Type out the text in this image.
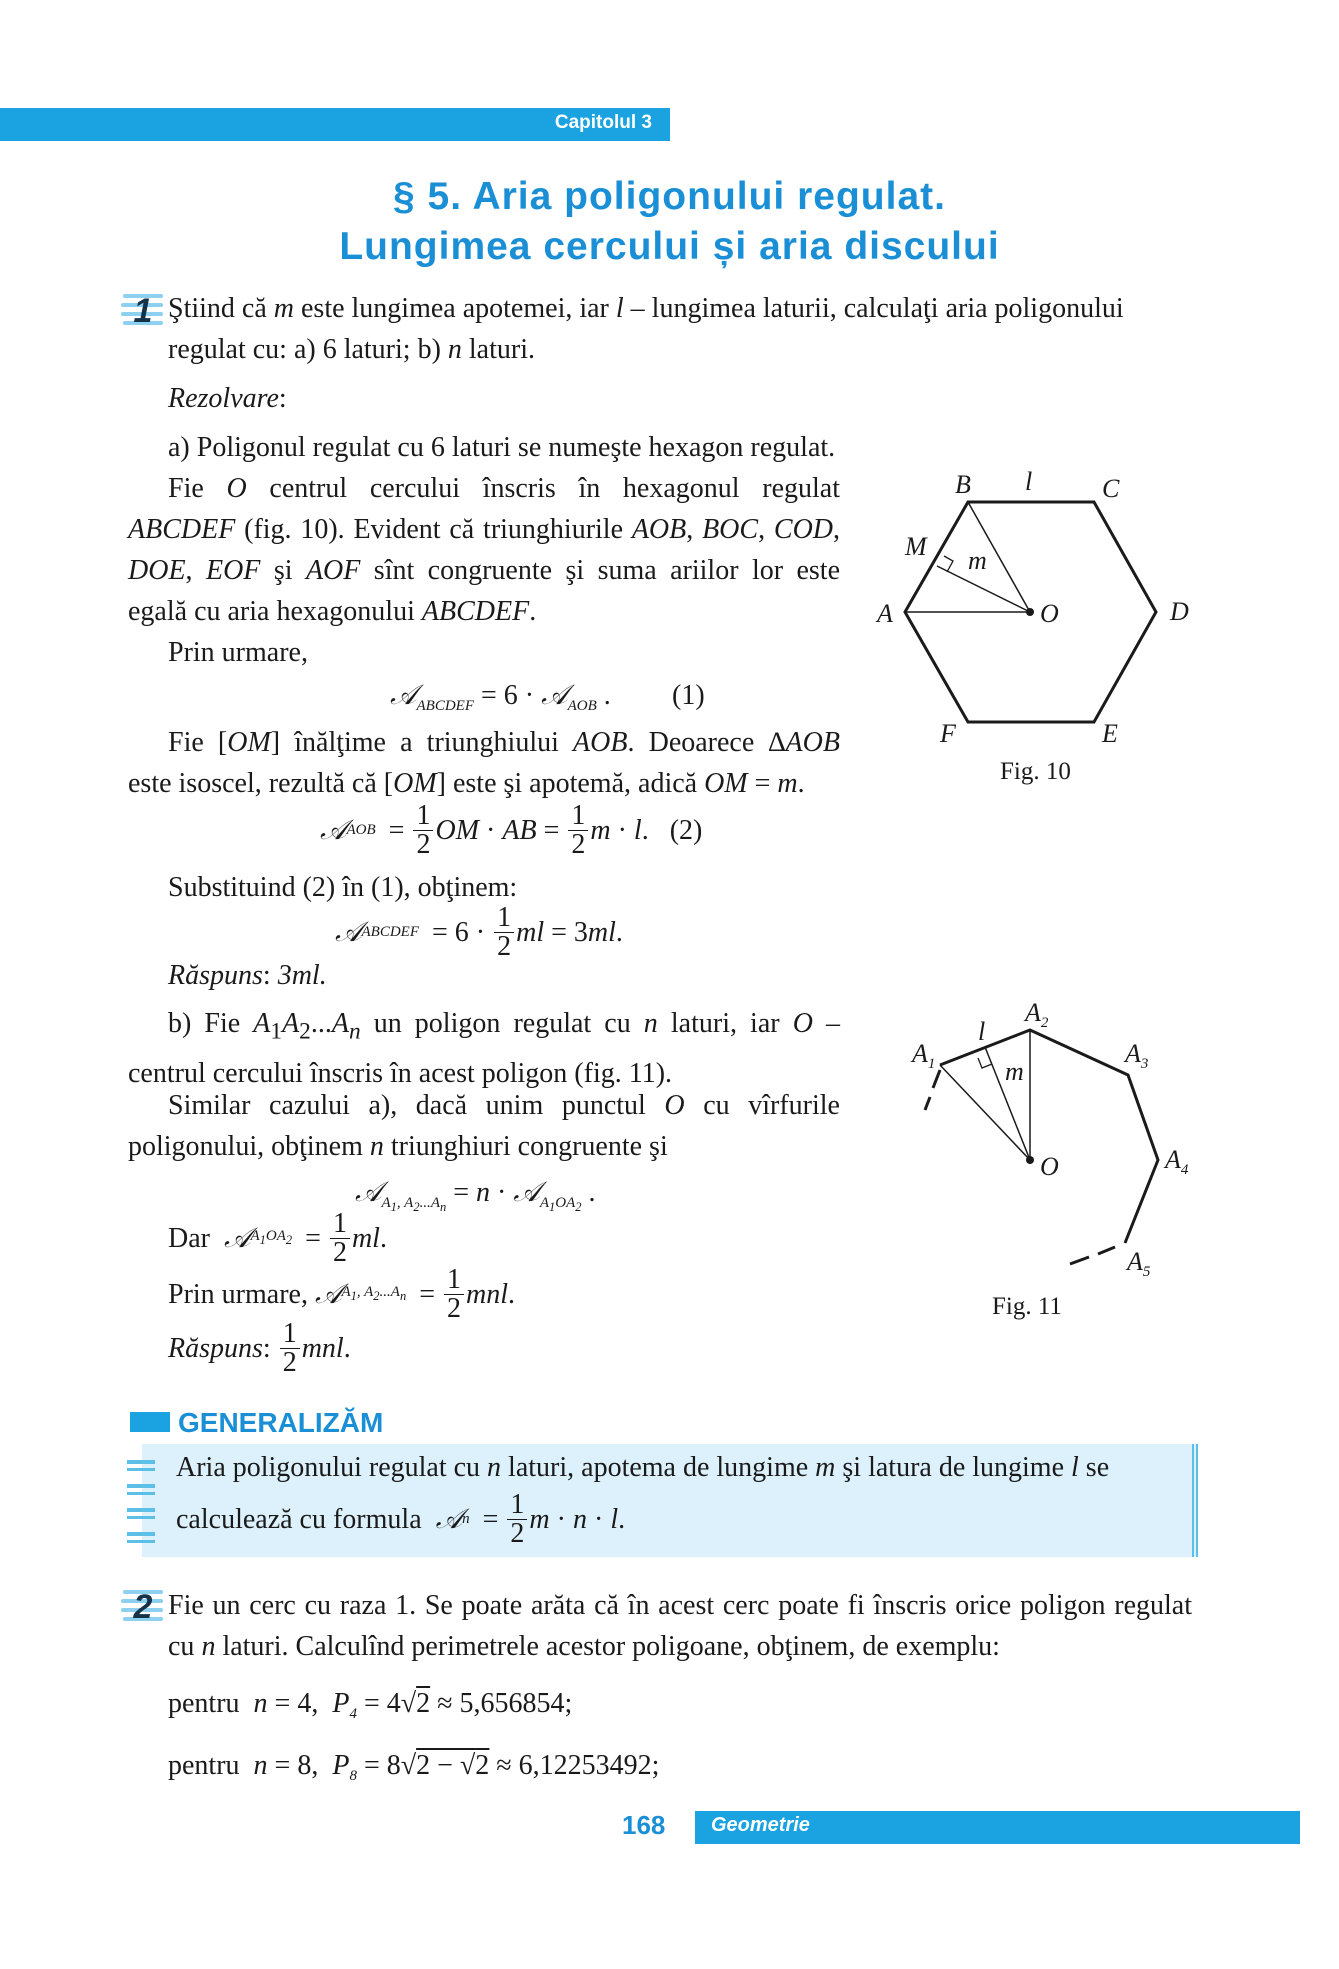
Capitolul 3
§ 5. Aria poligonului regulat.
Lungimea cercului și aria discului
1 Ştiind că m este lungimea apotemei, iar l – lungimea laturii, calculaţi aria poligonului
regulat cu: a) 6 laturi; b) n laturi.
Rezolvare:
a) Poligonul regulat cu 6 laturi se numeşte hexagon regulat.
Fie O centrul cercului înscris în hexagonul regulat ABCDEF (fig. 10). Evident că triunghiurile AOB, BOC, COD, DOE, EOF şi AOF sînt congruente şi suma ariilor lor este egală cu aria hexagonului ABCDEF.
Prin urmare,
𝒜$_{ABCDEF}$ = 6 · 𝒜$_{AOB}$ . (1)
Fie [OM] înălţime a triunghiului AOB. Deoarece ∆AOB este isoscel, rezultă că [OM] este şi apotemă, adică OM = m.
𝒜 AOB = $\frac{1}{2}$ OM · AB = $\frac{1}{2}$ m · l . (2)
Substituind (2) în (1), obţinem:
𝒜 ABCDEF = $6 \cdot \frac{1}{2}$ ml = 3 ml .
Răspuns: 3ml.
b) Fie $A_1A_2...A_n$ un poligon regulat cu n laturi, iar O – centrul cercului înscris în acest poligon (fig. 11).
Similar cazului a), dacă unim punctul O cu vîrfurile poligonului, obţinem n triunghiuri congruente şi
𝒜$_{A_1, A_2...A_n}$ = n · 𝒜$_{A_1OA_2}$ .
Dar
𝒜 $A_1OA_2 = \frac{1}{2}$ ml .
Prin urmare,
𝒜 $A_1$, $A_2...A_n = \frac{1}{2}$ mnl .
Răspuns : $\frac{1}{2}$ mnl .
A
B l	C
D
E
F
O
M m
Fig. 10
$A_1$
$A_2$
$A_3$
$A_4$
$A_5$
O
l
m
Fig. 11
GENERALIZĂM
Aria poligonului regulat cu n laturi, apotema de lungime m şi latura de lungime l se
calculează cu formula 𝒜 $n = \frac{1}{2}$ m · n · l .
2 Fie un cerc cu raza 1. Se poate arăta că în acest cerc poate fi înscris orice poligon regulat cu n laturi. Calculînd perimetrele acestor poligoane, obţinem, de exemplu:
pentru  n = 4,  $P_4 = 4√2 \approx 5,656854$;
pentru  n = 8,  $P_8 = 8√2 - √2 \approx 6,12253492$;
168 Geometrie
